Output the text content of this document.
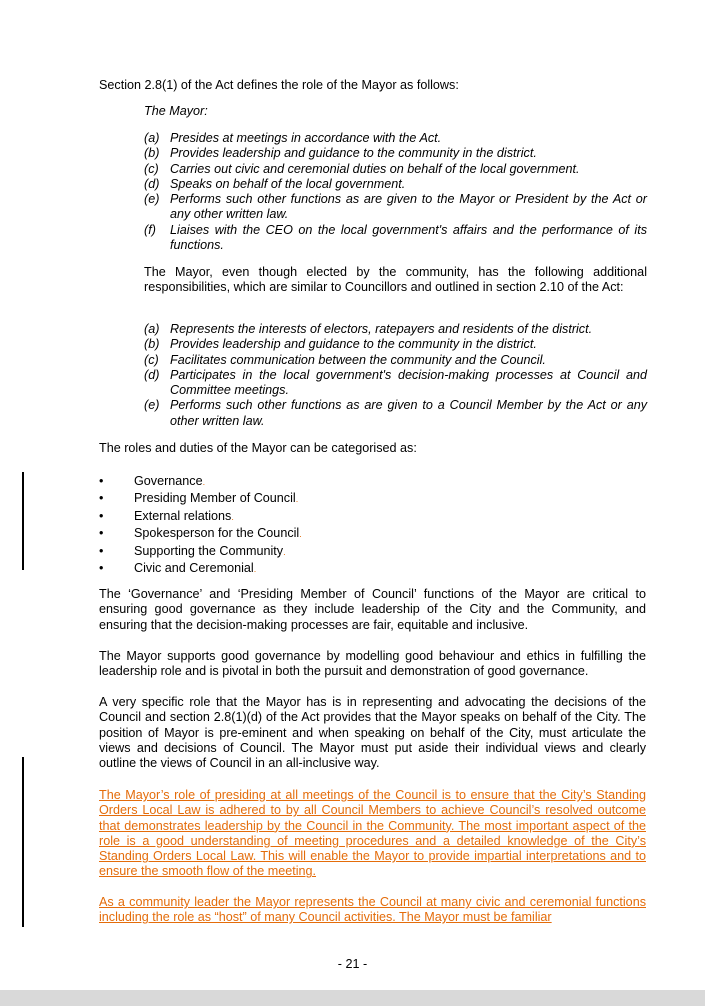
Section 2.8(1) of the Act defines the role of the Mayor as follows:

The Mayor:

(a) Presides at meetings in accordance with the Act.
(b) Provides leadership and guidance to the community in the district.
(c) Carries out civic and ceremonial duties on behalf of the local government.
(d) Speaks on behalf of the local government.
(e) Performs such other functions as are given to the Mayor or President by the Act or any other written law.
(f) Liaises with the CEO on the local government's affairs and the performance of its functions.

The Mayor, even though elected by the community, has the following additional responsibilities, which are similar to Councillors and outlined in section 2.10 of the Act:

(a) Represents the interests of electors, ratepayers and residents of the district.
(b) Provides leadership and guidance to the community in the district.
(c) Facilitates communication between the community and the Council.
(d) Participates in the local government's decision-making processes at Council and Committee meetings.
(e) Performs such other functions as are given to a Council Member by the Act or any other written law.

The roles and duties of the Mayor can be categorised as:

• Governance.
• Presiding Member of Council.
• External relations.
• Spokesperson for the Council.
• Supporting the Community.
• Civic and Ceremonial.

The ‘Governance’ and ‘Presiding Member of Council’ functions of the Mayor are critical to ensuring good governance as they include leadership of the City and the Community, and ensuring that the decision-making processes are fair, equitable and inclusive.

The Mayor supports good governance by modelling good behaviour and ethics in fulfilling the leadership role and is pivotal in both the pursuit and demonstration of good governance.

A very specific role that the Mayor has is in representing and advocating the decisions of the Council and section 2.8(1)(d) of the Act provides that the Mayor speaks on behalf of the City. The position of Mayor is pre-eminent and when speaking on behalf of the City, must articulate the views and decisions of Council. The Mayor must put aside their individual views and clearly outline the views of Council in an all-inclusive way.

The Mayor’s role of presiding at all meetings of the Council is to ensure that the City’s Standing Orders Local Law is adhered to by all Council Members to achieve Council’s resolved outcome that demonstrates leadership by the Council in the Community. The most important aspect of the role is a good understanding of meeting procedures and a detailed knowledge of the City’s Standing Orders Local Law. This will enable the Mayor to provide impartial interpretations and to ensure the smooth flow of the meeting.

As a community leader the Mayor represents the Council at many civic and ceremonial functions including the role as “host” of many Council activities. The Mayor must be familiar

- 21 -
